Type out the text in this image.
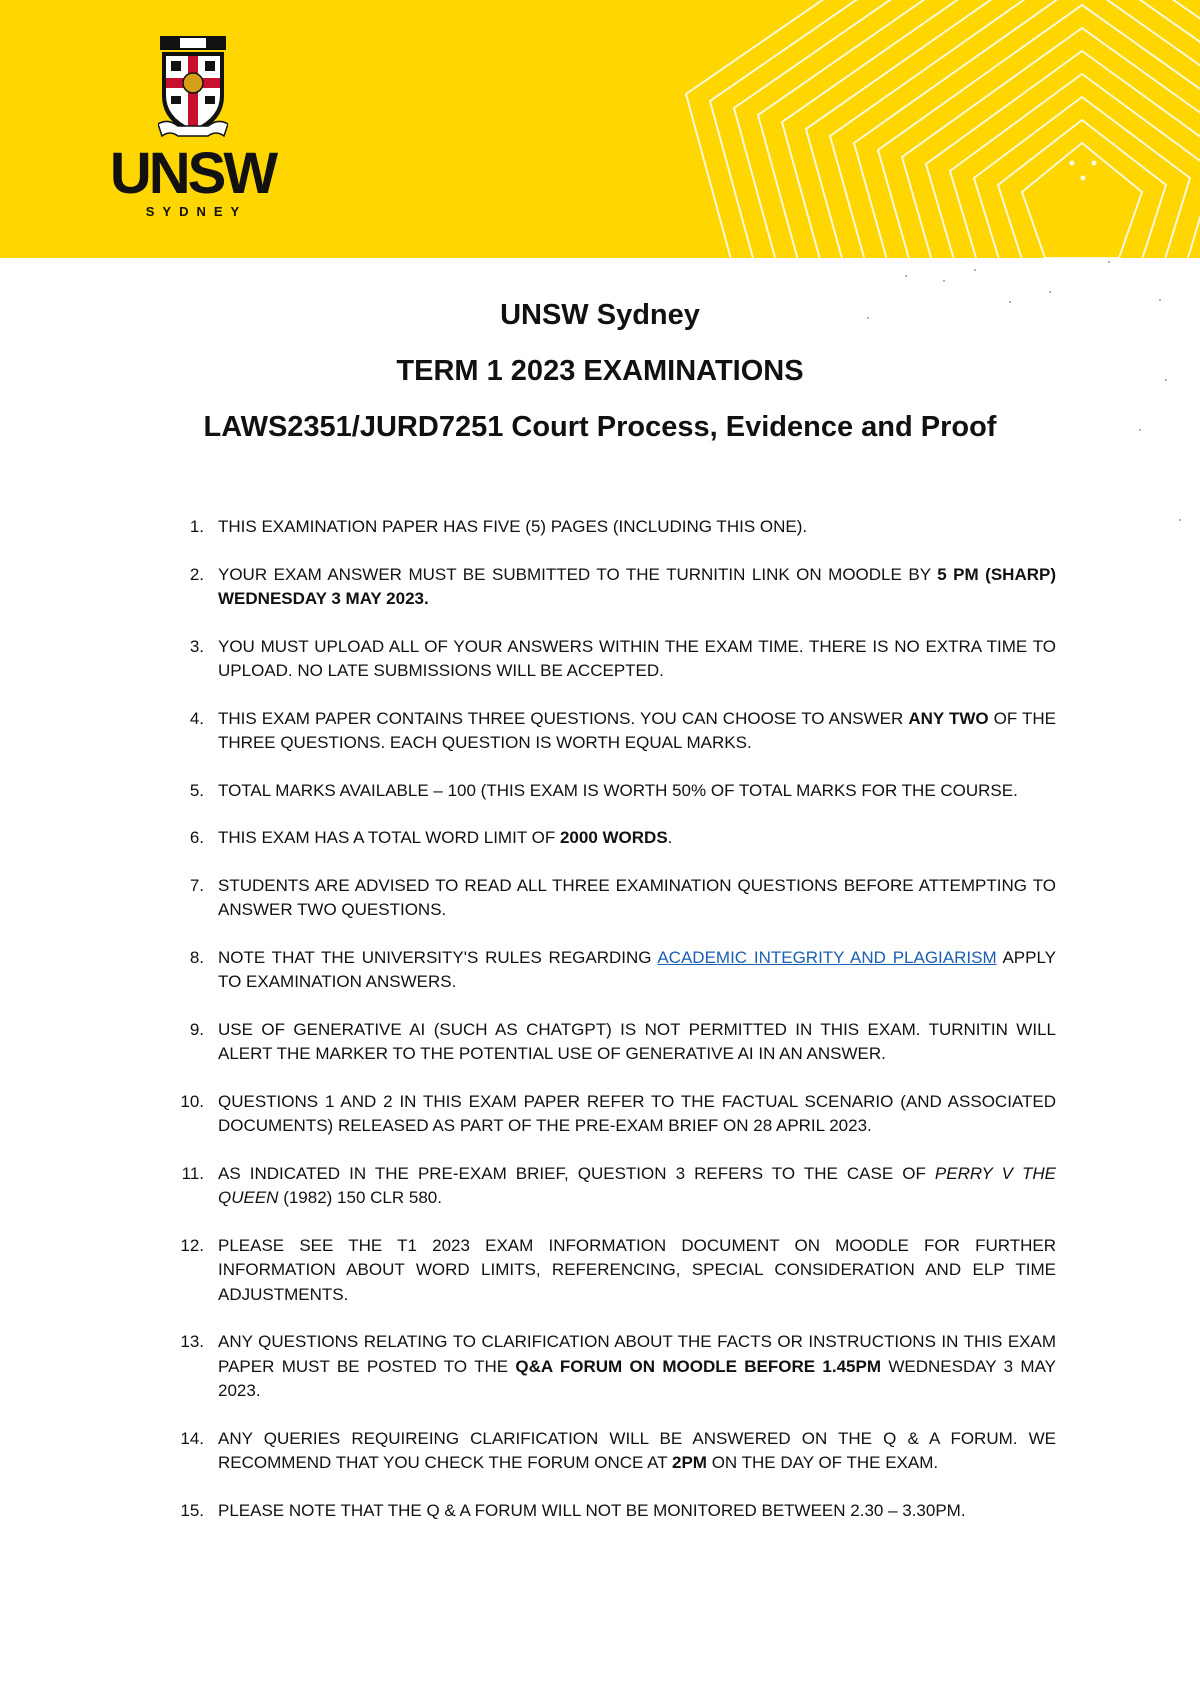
UNSW
SYDNEY
UNSW Sydney
TERM 1 2023 EXAMINATIONS
LAWS2351/JURD7251 Court Process, Evidence and Proof
1. THIS EXAMINATION PAPER HAS FIVE (5) PAGES (INCLUDING THIS ONE).
2. YOUR EXAM ANSWER MUST BE SUBMITTED TO THE TURNITIN LINK ON MOODLE BY 5 PM (SHARP) WEDNESDAY 3 MAY 2023.
3. YOU MUST UPLOAD ALL OF YOUR ANSWERS WITHIN THE EXAM TIME. THERE IS NO EXTRA TIME TO UPLOAD. NO LATE SUBMISSIONS WILL BE ACCEPTED.
4. THIS EXAM PAPER CONTAINS THREE QUESTIONS. YOU CAN CHOOSE TO ANSWER ANY TWO OF THE THREE QUESTIONS. EACH QUESTION IS WORTH EQUAL MARKS.
5. TOTAL MARKS AVAILABLE – 100 (THIS EXAM IS WORTH 50% OF TOTAL MARKS FOR THE COURSE.
6. THIS EXAM HAS A TOTAL WORD LIMIT OF 2000 WORDS.
7. STUDENTS ARE ADVISED TO READ ALL THREE EXAMINATION QUESTIONS BEFORE ATTEMPTING TO ANSWER TWO QUESTIONS.
8. NOTE THAT THE UNIVERSITY'S RULES REGARDING ACADEMIC INTEGRITY AND PLAGIARISM APPLY TO EXAMINATION ANSWERS.
9. USE OF GENERATIVE AI (SUCH AS CHATGPT) IS NOT PERMITTED IN THIS EXAM. TURNITIN WILL ALERT THE MARKER TO THE POTENTIAL USE OF GENERATIVE AI IN AN ANSWER.
10. QUESTIONS 1 AND 2 IN THIS EXAM PAPER REFER TO THE FACTUAL SCENARIO (AND ASSOCIATED DOCUMENTS) RELEASED AS PART OF THE PRE-EXAM BRIEF ON 28 APRIL 2023.
11. AS INDICATED IN THE PRE-EXAM BRIEF, QUESTION 3 REFERS TO THE CASE OF PERRY V THE QUEEN (1982) 150 CLR 580.
12. PLEASE SEE THE T1 2023 EXAM INFORMATION DOCUMENT ON MOODLE FOR FURTHER INFORMATION ABOUT WORD LIMITS, REFERENCING, SPECIAL CONSIDERATION AND ELP TIME ADJUSTMENTS.
13. ANY QUESTIONS RELATING TO CLARIFICATION ABOUT THE FACTS OR INSTRUCTIONS IN THIS EXAM PAPER MUST BE POSTED TO THE Q&A FORUM ON MOODLE BEFORE 1.45PM WEDNESDAY 3 MAY 2023.
14. ANY QUERIES REQUIREING CLARIFICATION WILL BE ANSWERED ON THE Q & A FORUM. WE RECOMMEND THAT YOU CHECK THE FORUM ONCE AT 2PM ON THE DAY OF THE EXAM.
15. PLEASE NOTE THAT THE Q & A FORUM WILL NOT BE MONITORED BETWEEN 2.30 – 3.30PM.
